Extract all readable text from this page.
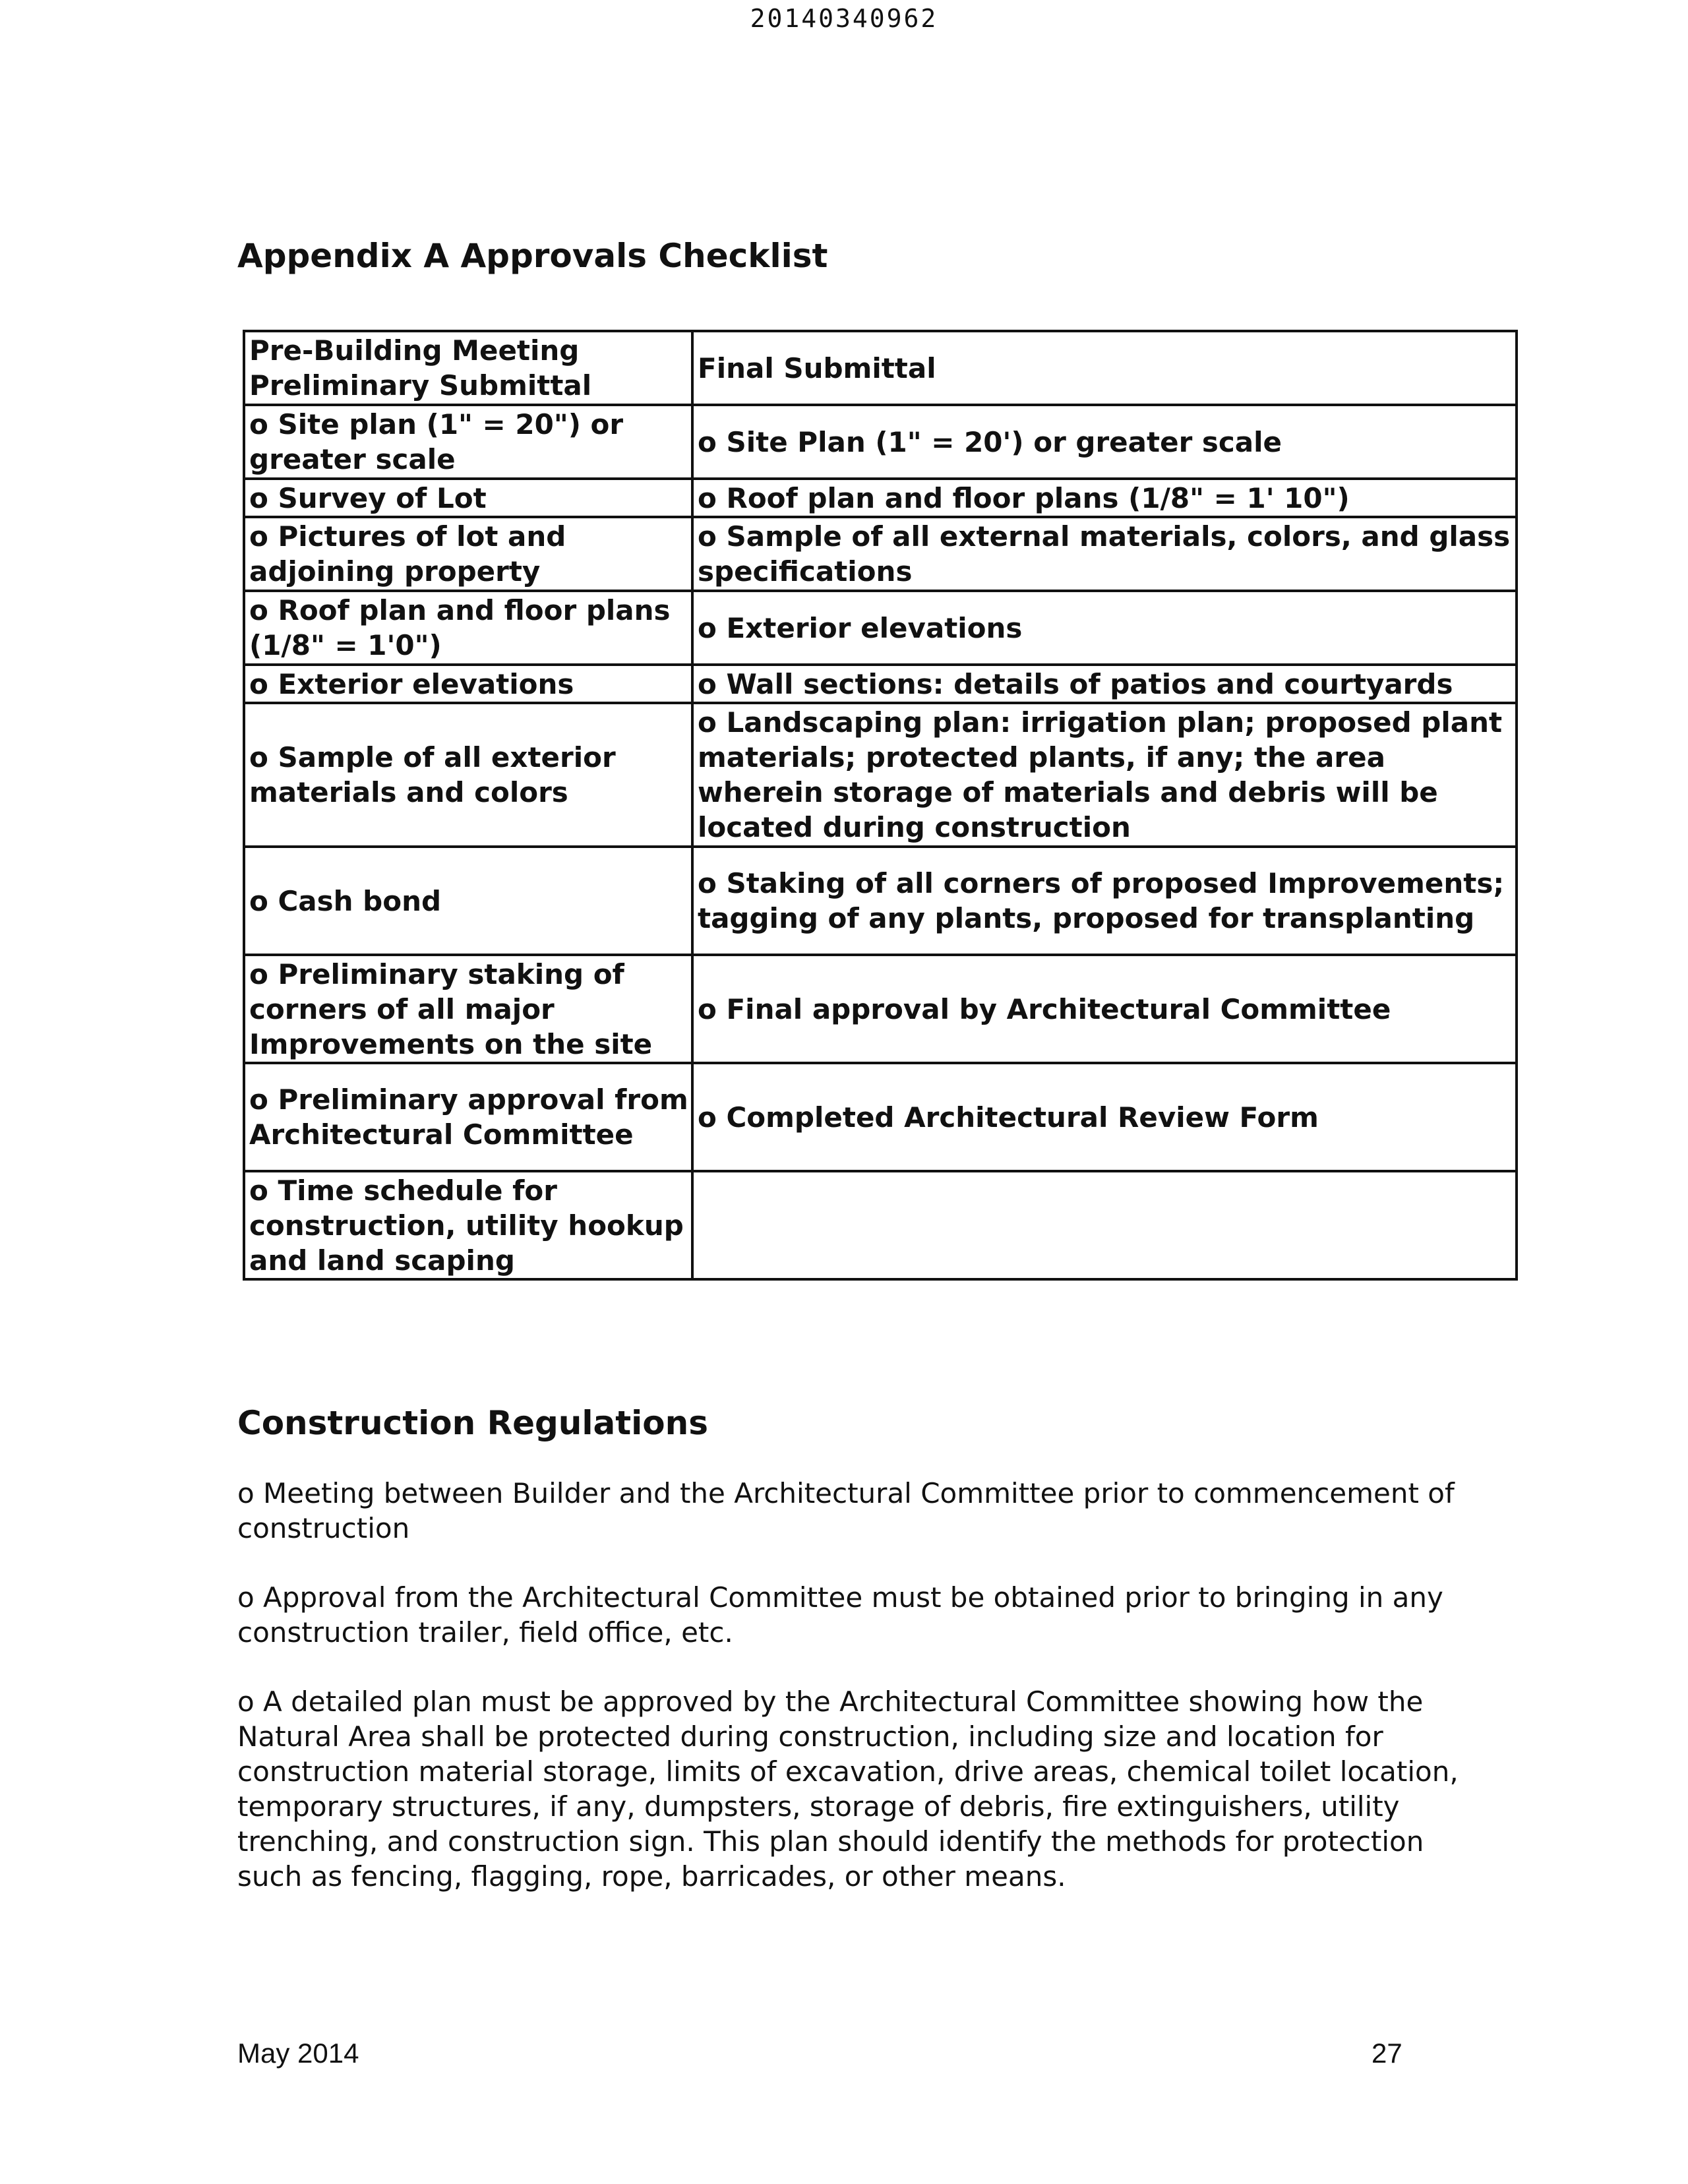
20140340962
Appendix A Approvals Checklist
Pre-Building Meeting Preliminary Submittal	Final Submittal
o Site plan (1" = 20") or greater scale	o Site Plan (1" = 20') or greater scale
o Survey of Lot	o Roof plan and floor plans (1/8" = 1' 10")
o Pictures of lot and adjoining property	o Sample of all external materials, colors, and glass specifications
o Roof plan and floor plans (1/8" = 1'0")	o Exterior elevations
o Exterior elevations	o Wall sections: details of patios and courtyards
o Sample of all exterior materials and colors	o Landscaping plan: irrigation plan; proposed plant materials; protected plants, if any; the area wherein storage of materials and debris will be located during construction
o Cash bond	o Staking of all corners of proposed Improvements; tagging of any plants, proposed for transplanting
o Preliminary staking of corners of all major Improvements on the site	o Final approval by Architectural Committee
o Preliminary approval from Architectural Committee	o Completed Architectural Review Form
o Time schedule for construction, utility hookup and land scaping	
Construction Regulations

o Meeting between Builder and the Architectural Committee prior to commencement of construction

o Approval from the Architectural Committee must be obtained prior to bringing in any construction trailer, field office, etc.

o A detailed plan must be approved by the Architectural Committee showing how the Natural Area shall be protected during construction, including size and location for construction material storage, limits of excavation, drive areas, chemical toilet location, temporary structures, if any, dumpsters, storage of debris, fire extinguishers, utility trenching, and construction sign. This plan should identify the methods for protection such as fencing, flagging, rope, barricades, or other means.

May 2014	27
